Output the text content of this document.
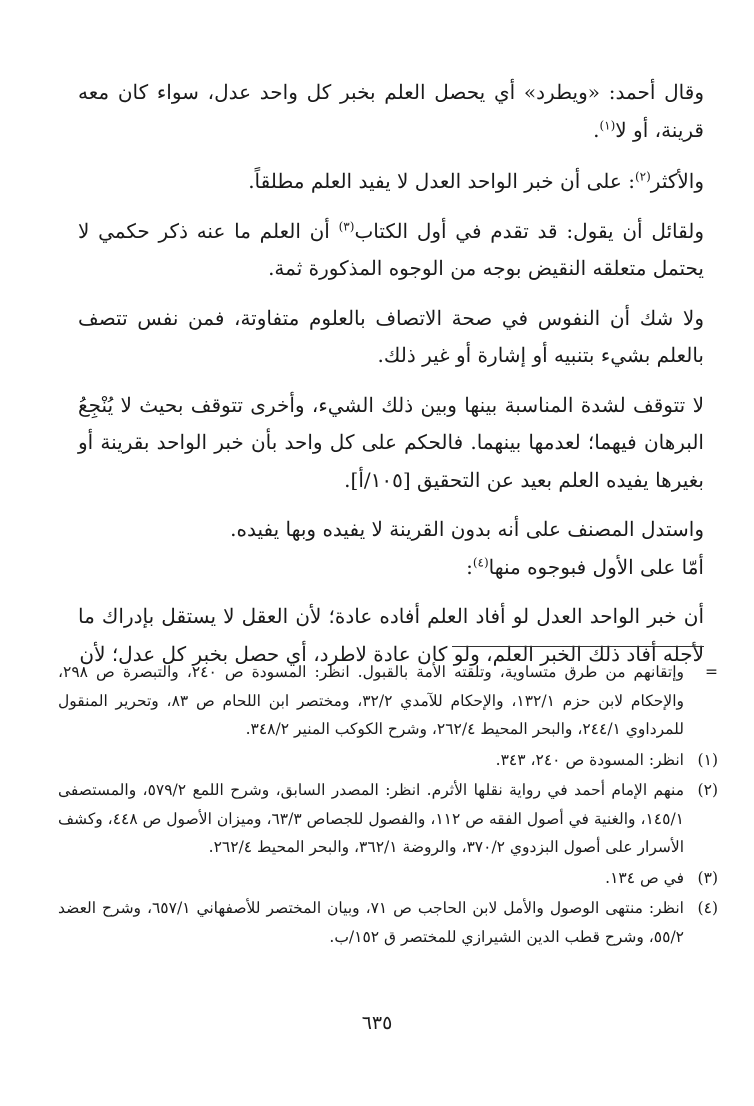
وقال أحمد: «ويطرد» أي يحصل العلم بخبر كل واحد عدل، سواء كان معه قرينة، أو لا$^{(١)}$.

والأكثر$^{(٢)}$: على أن خبر الواحد العدل لا يفيد العلم مطلقاً.

ولقائل أن يقول: قد تقدم في أول الكتاب$^{(٣)}$ أن العلم ما عنه ذكر حكمي لا يحتمل متعلقه النقيض بوجه من الوجوه المذكورة ثمة.

ولا شك أن النفوس في صحة الاتصاف بالعلوم متفاوتة، فمن نفس تتصف بالعلم بشيء بتنبيه أو إشارة أو غير ذلك.

لا تتوقف لشدة المناسبة بينها وبين ذلك الشيء، وأخرى تتوقف بحيث لا يُنْجِعُ البرهان فيهما؛ لعدمها بينهما. فالحكم على كل واحد بأن خبر الواحد بقرينة أو بغيرها يفيده العلم بعيد عن التحقيق [١٠٥/أ].

واستدل المصنف على أنه بدون القرينة لا يفيده وبها يفيده.

أمّا على الأول فبوجوه منها$^{(٤)}$:

أن خبر الواحد العدل لو أفاد العلم أفاده عادة؛ لأن العقل لا يستقل بإدراك ما لأجله أفاد ذلك الخبر العلم، ولو كان عادة لاطرد، أي حصل بخبر كل عدل؛ لأن

=
وإتقانهم من طرق متساوية، وتلقته الأمة بالقبول. انظر: المسودة ص ٢٤٠، والتبصرة ص ٢٩٨، والإحكام لابن حزم ١٣٢/١، والإحكام للآمدي ٣٢/٢، ومختصر ابن اللحام ص ٨٣، وتحرير المنقول للمرداوي ٢٤٤/١، والبحر المحيط ٢٦٢/٤، وشرح الكوكب المنير ٣٤٨/٢.
(١)
انظر: المسودة ص ٢٤٠، ٣٤٣.
(٢)
منهم الإمام أحمد في رواية نقلها الأثرم. انظر: المصدر السابق، وشرح اللمع ٥٧٩/٢، والمستصفى ١٤٥/١، والغنية في أصول الفقه ص ١١٢، والفصول للجصاص ٦٣/٣، وميزان الأصول ص ٤٤٨، وكشف الأسرار على أصول البزدوي ٣٧٠/٢، والروضة ٣٦٢/١، والبحر المحيط ٢٦٢/٤.
(٣)
في ص ١٣٤.
(٤)
انظر: منتهى الوصول والأمل لابن الحاجب ص ٧١، وبيان المختصر للأصفهاني ٦٥٧/١، وشرح العضد ٥٥/٢، وشرح قطب الدين الشيرازي للمختصر ق ١٥٢/ب.
٦٣٥
